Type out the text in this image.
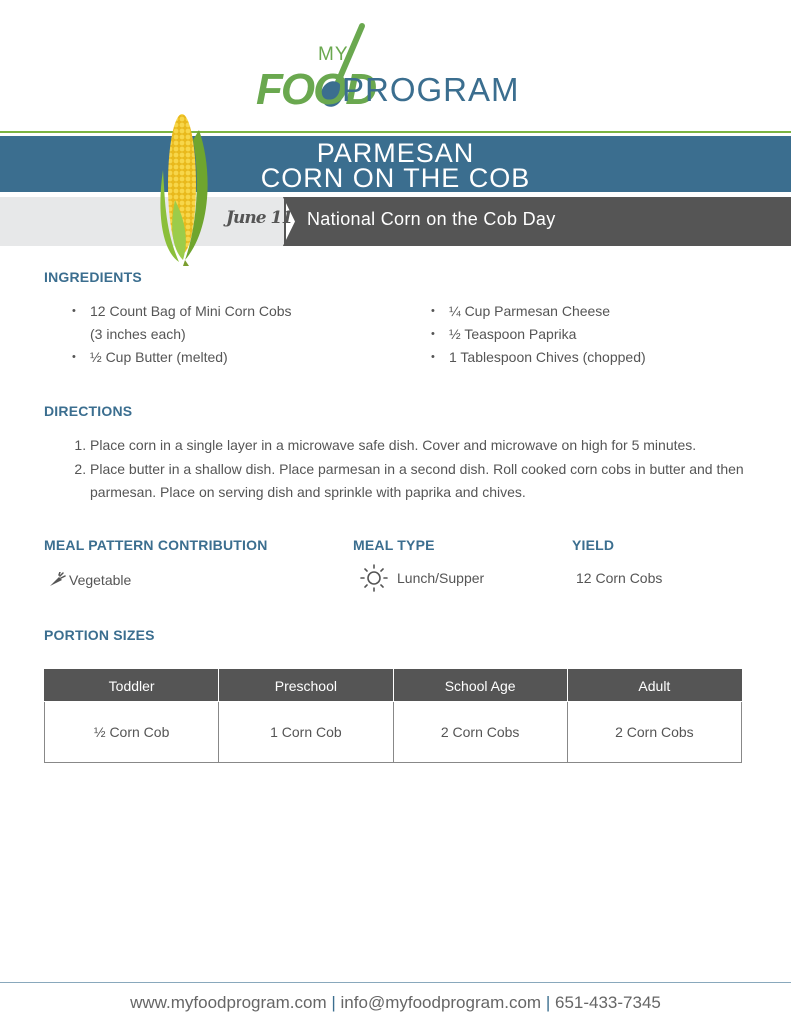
MY
FOOD
PROGRAM
PARMESAN
CORN ON THE COB
June 11 National Corn on the Cob Day
INGREDIENTS
• 12 Count Bag of Mini Corn Cobs
(3 inches each)
• ½ Cup Butter (melted)
• ¼ Cup Parmesan Cheese
• ½ Teaspoon Paprika
• 1 Tablespoon Chives (chopped)
DIRECTIONS
1. Place corn in a single layer in a microwave safe dish. Cover and microwave on high for 5 minutes.
2. Place butter in a shallow dish. Place parmesan in a second dish. Roll cooked corn cobs in butter and then parmesan. Place on serving dish and sprinkle with paprika and chives.
MEAL PATTERN CONTRIBUTION
Vegetable
MEAL TYPE
Lunch/Supper
YIELD
12 Corn Cobs
PORTION SIZES
Toddler	Preschool	School Age	Adult
½ Corn Cob	1 Corn Cob	2 Corn Cobs	2 Corn Cobs
www.myfoodprogram.com | info@myfoodprogram.com | 651-433-7345
